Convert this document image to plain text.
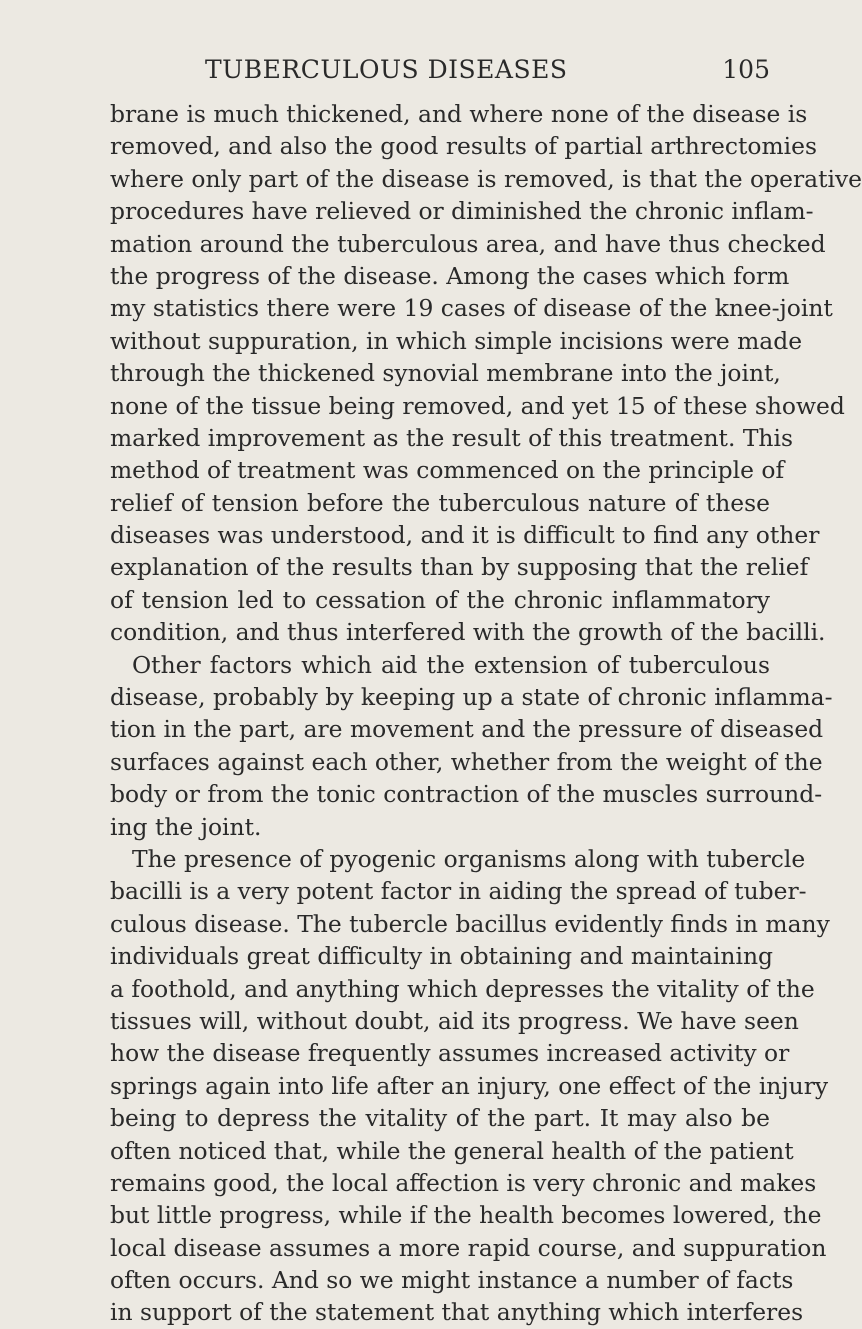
TUBERCULOUS DISEASES	105
brane is much thickened, and where none of the disease is
removed, and also the good results of partial arthrectomies
where only part of the disease is removed, is that the operative
procedures have relieved or diminished the chronic inflam-
mation around the tuberculous area, and have thus checked
the progress of the disease. Among the cases which form
my statistics there were 19 cases of disease of the knee-joint
without suppuration, in which simple incisions were made
through the thickened synovial membrane into the joint,
none of the tissue being removed, and yet 15 of these showed
marked improvement as the result of this treatment. This
method of treatment was commenced on the principle of
relief of tension before the tuberculous nature of these
diseases was understood, and it is difficult to find any other
explanation of the results than by supposing that the relief
of tension led to cessation of the chronic inflammatory
condition, and thus interfered with the growth of the bacilli.
Other factors which aid the extension of tuberculous
disease, probably by keeping up a state of chronic inflamma-
tion in the part, are movement and the pressure of diseased
surfaces against each other, whether from the weight of the
body or from the tonic contraction of the muscles surround-
ing the joint.
The presence of pyogenic organisms along with tubercle
bacilli is a very potent factor in aiding the spread of tuber-
culous disease. The tubercle bacillus evidently finds in many
individuals great difficulty in obtaining and maintaining
a foothold, and anything which depresses the vitality of the
tissues will, without doubt, aid its progress. We have seen
how the disease frequently assumes increased activity or
springs again into life after an injury, one effect of the injury
being to depress the vitality of the part. It may also be
often noticed that, while the general health of the patient
remains good, the local affection is very chronic and makes
but little progress, while if the health becomes lowered, the
local disease assumes a more rapid course, and suppuration
often occurs. And so we might instance a number of facts
in support of the statement that anything which interferes
